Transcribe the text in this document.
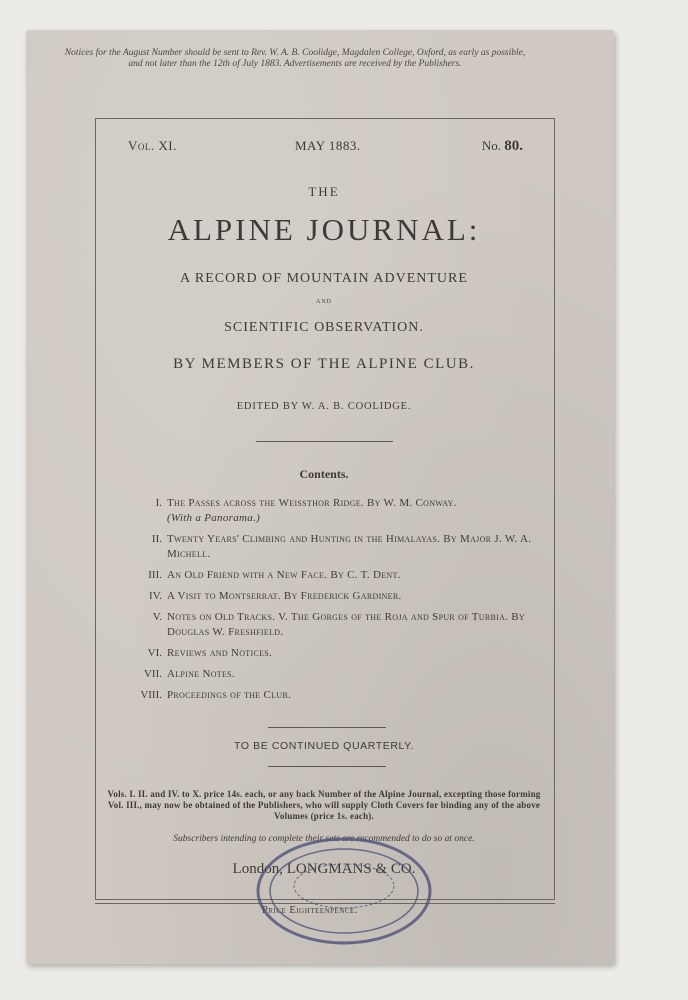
Notices for the August Number should be sent to Rev. W. A. B. Coolidge, Magdalen College, Oxford, as early as possible, and not later than the 12th of July 1883. Advertisements are received by the Publishers.
Vol. XI.	MAY 1883.	No. 80.
THE
ALPINE JOURNAL:
A RECORD OF MOUNTAIN ADVENTURE
AND
SCIENTIFIC OBSERVATION.
BY MEMBERS OF THE ALPINE CLUB.
EDITED BY W. A. B. COOLIDGE.
Contents.
I. The Passes across the Weissthor Ridge. By W. M. Conway.
(With a Panorama.)
II. Twenty Years' Climbing and Hunting in the Himalayas. By Major J. W. A. Michell.
III. An Old Friend with a New Face. By C. T. Dent.
IV. A Visit to Montserrat. By Frederick Gardiner.
V. Notes on Old Tracks. V. The Gorges of the Roja and Spur of Turbia. By Douglas W. Freshfield.
VI. Reviews and Notices.
VII. Alpine Notes.
VIII. Proceedings of the Club.
TO BE CONTINUED QUARTERLY.
Vols. I. II. and IV. to X. price 14s. each, or any back Number of the Alpine Journal, excepting those forming Vol. III., may now be obtained of the Publishers, who will supply Cloth Covers for binding any of the above Volumes (price 1s. each).
Subscribers intending to complete their sets are recommended to do so at once.
London, LONGMANS & CO.
Price Eighteenpence.
